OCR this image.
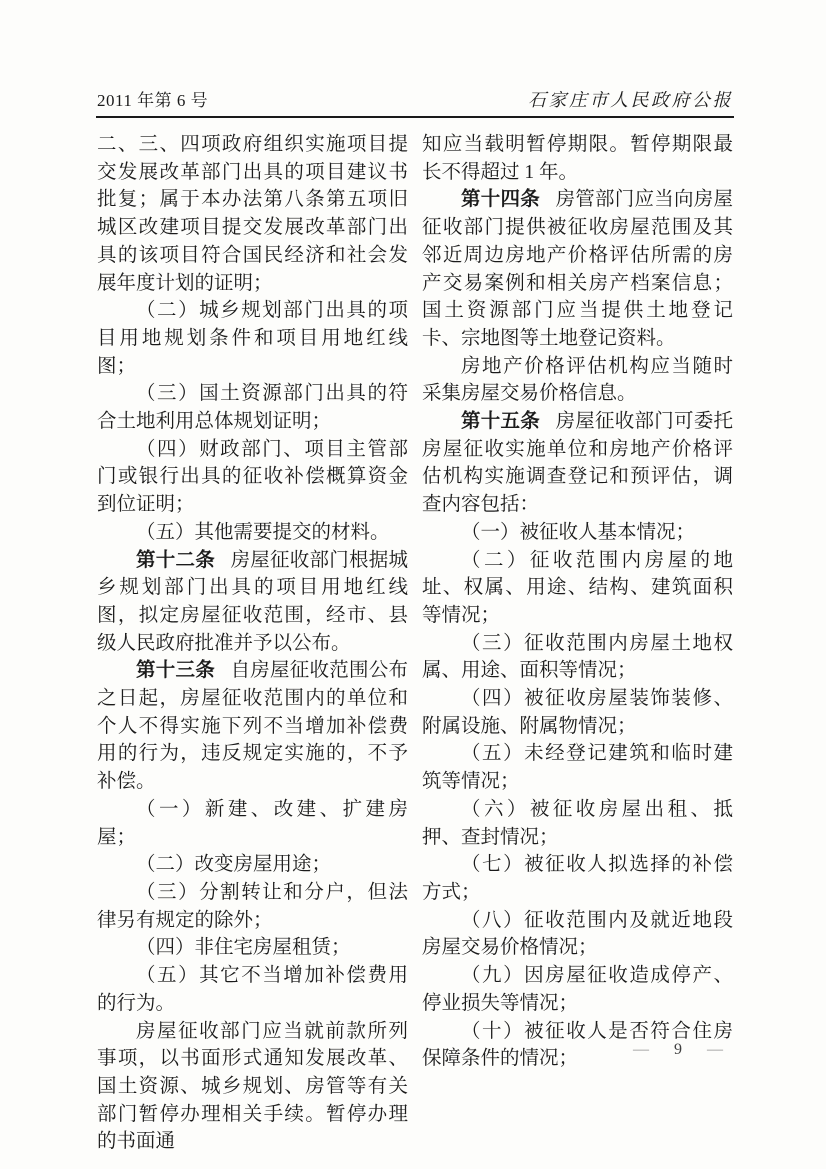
2011 年第 6 号	石家庄市人民政府公报

二、三、四项政府组织实施项目提交发展改革部门出具的项目建议书批复；属于本办法第八条第五项旧城区改建项目提交发展改革部门出具的该项目符合国民经济和社会发展年度计划的证明；

（二）城乡规划部门出具的项目用地规划条件和项目用地红线图；

（三）国土资源部门出具的符合土地利用总体规划证明；

（四）财政部门、项目主管部门或银行出具的征收补偿概算资金到位证明；

（五）其他需要提交的材料。

第十二条 房屋征收部门根据城乡规划部门出具的项目用地红线图，拟定房屋征收范围，经市、县级人民政府批准并予以公布。

第十三条 自房屋征收范围公布之日起，房屋征收范围内的单位和个人不得实施下列不当增加补偿费用的行为，违反规定实施的，不予补偿。

（一）新建、改建、扩建房屋；

（二）改变房屋用途；

（三）分割转让和分户，但法律另有规定的除外；

（四）非住宅房屋租赁；

（五）其它不当增加补偿费用的行为。

房屋征收部门应当就前款所列事项，以书面形式通知发展改革、国土资源、城乡规划、房管等有关部门暂停办理相关手续。暂停办理的书面通

知应当载明暂停期限。暂停期限最长不得超过 1 年。

第十四条 房管部门应当向房屋征收部门提供被征收房屋范围及其邻近周边房地产价格评估所需的房产交易案例和相关房产档案信息；国土资源部门应当提供土地登记卡、宗地图等土地登记资料。

房地产价格评估机构应当随时采集房屋交易价格信息。

第十五条 房屋征收部门可委托房屋征收实施单位和房地产价格评估机构实施调查登记和预评估，调查内容包括：

（一）被征收人基本情况；

（二）征收范围内房屋的地址、权属、用途、结构、建筑面积等情况；

（三）征收范围内房屋土地权属、用途、面积等情况；

（四）被征收房屋装饰装修、附属设施、附属物情况；

（五）未经登记建筑和临时建筑等情况；

（六）被征收房屋出租、抵押、查封情况；

（七）被征收人拟选择的补偿方式；

（八）征收范围内及就近地段房屋交易价格情况；

（九）因房屋征收造成停产、停业损失等情况；

（十）被征收人是否符合住房保障条件的情况；	— 9 —
